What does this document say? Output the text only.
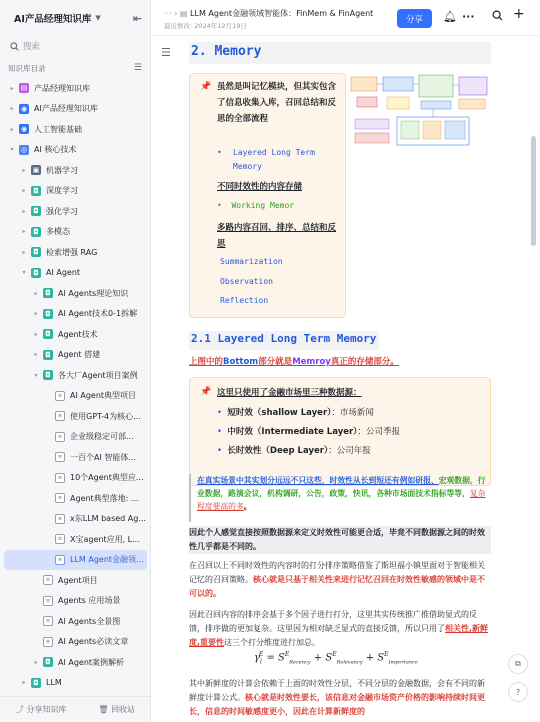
AI产品经理知识库 ▼	⇤
搜索
知识库目录	☰
▸	▤ 产品经理知识库
▸	◉ AI产品经理知识库
▸	◉ 人工智能基础
▾	◎ AI 核心技术
▸	▣ 机器学习
▸	◘ 深度学习
▸	◘ 强化学习
▸	◘ 多模态
▸	◘ 检索增强 RAG
▾	◘ AI Agent
▸	◘ AI Agents理论知识
▸	◘ AI Agent技术0-1拆解
▸	◘ Agent技术
▸	◘ Agent 搭建
▾	◘ 各大厂Agent项目案例
≡ AI Agent典型项目
≡ 使用GPT-4为核心...
≡ 企业级稳定可部...
≡ 一百个AI 智能体...
≡ 10个Agent典型应...
≡ Agent典型落地: ...
≡ x东LLM based Ag...
≡ X宝agent应用, L...
≡ LLM Agent金融领...
≡ Agent项目
≡ Agents 应用场景
≡ AI Agents全景图
≡ AI Agents必读文章
▸	◘ AI Agent案例解析
▸	◘ LLM
⤴ 分享知识库	🗑 回收站
··· › ▤ LLM Agent金融领域智能体：FinMem & FinAgent
最近修改: 2024年12月19日
分享	🔔︎ ···	+
☰ 2. Memory
📌 虽然是叫记忆模块，但其实包含了信息收集入库，召回总结和反思的全部流程
• Layered Long Term Memory
不同时效性的内容存储
• Working Memor
多路内容召回、排序、总结和反思
Summarization
Observation
Reflection
2.1 Layered Long Term Memory
上图中的Bottom部分就是Memroy真正的存储部分。
📌 这里只使用了金融市场里三种数据源：
• 短时效（shallow Layer）：市场新闻
• 中时效（Intermediate Layer）：公司季报
• 长时效性（Deep Layer）：公司年报
在真实场景中其实划分远远不只这些，时效性从长到短还有例如研报、宏观数据，行业数据，路演会议，机构调研，公告，政策，快讯，各种市场面技术指标等等，复杂程度要高的多。
因此个人感觉直接按照数据源来定义时效性可能更合适，毕竟不同数据源之间的时效性几乎都是不同的。
在召回以上不同时效性的内容时的打分排序策略借鉴了斯坦福小镇里面对于智能相关记忆的召回策略。核心就是只基于相关性来进行记忆召回在时效性敏感的领域中是不可以的。
因此召回内容的排序会基于多个因子进行打分，这里其实传统推广推借助显式的反馈，排序做的更加复杂。这里因为相对缺乏显式的直接反馈，所以只用了相关性,新鲜度,重要性这三个打分维度进行加总。
$\gamma_l^E = S^E_{Recency} + S^E_{Relevancy} + S^E_{Importance}$
其中新鲜度的计算会依赖于上面的时效性分层，不同分层的金融数据，会有不同的新鲜度计算公式。核心就是时效性要长，该信息对金融市场资产价格的影响持续时间更长，信息的时间敏感度更小，因此在计算新鲜度的
⧉
?
